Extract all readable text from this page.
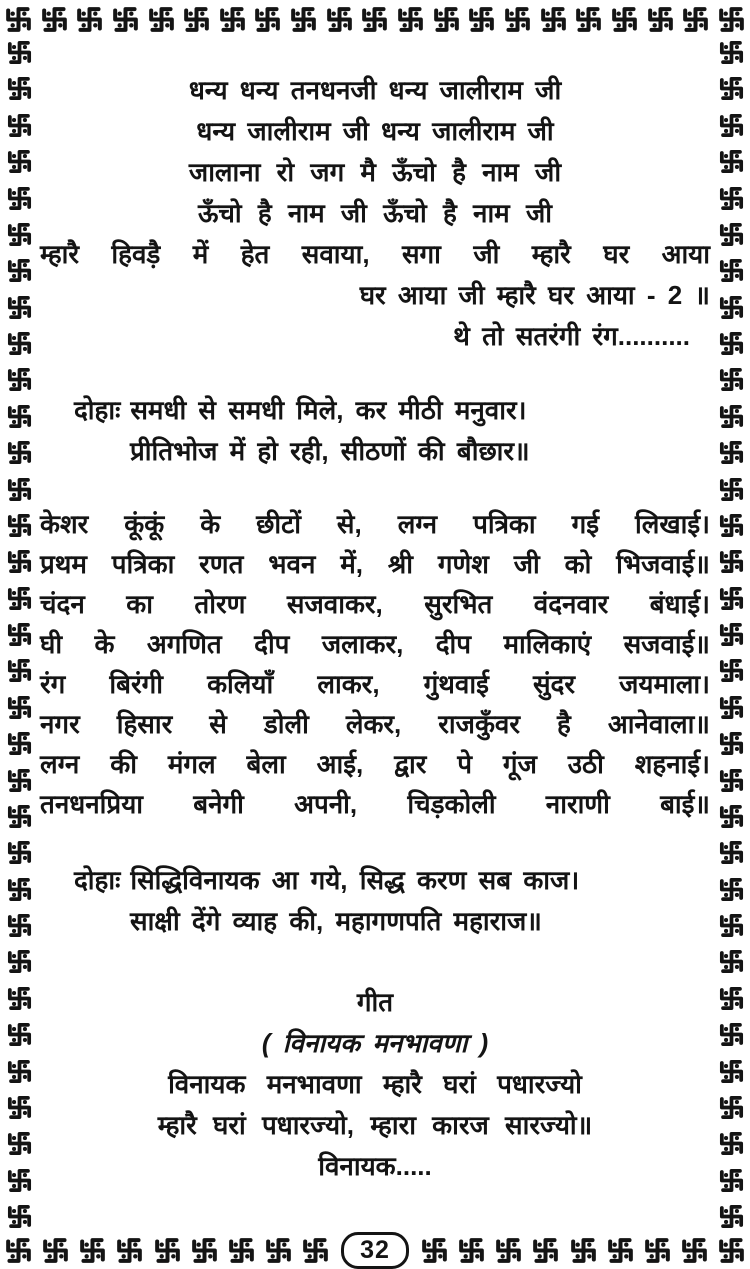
32
धन्य धन्य तनधनजी धन्य जालीराम जी
धन्य जालीराम जी धन्य जालीराम जी
जालाना रो जग मै ऊँचो है नाम जी
ऊँचो है नाम जी ऊँचो है नाम जी
म्हारै हिवड़ै में हेत सवाया, सगा जी म्हारै घर आया
घर आया जी म्हारै घर आया - 2 ॥
थे तो सतरंगी रंग..........
दोहाः समधी से समधी मिले, कर मीठी मनुवार।
प्रीतिभोज में हो रही, सीठणों की बौछार॥
केशर कूंकूं के छीटों से, लग्न पत्रिका गई लिखाई।
प्रथम पत्रिका रणत भवन में, श्री गणेश जी को भिजवाई॥
चंदन का तोरण सजवाकर, सुरभित वंदनवार बंधाई।
घी के अगणित दीप जलाकर, दीप मालिकाएं सजवाई॥
रंग बिरंगी कलियाँ लाकर, गुंथवाई सुंदर जयमाला।
नगर हिसार से डोली लेकर, राजकुँवर है आनेवाला॥
लग्न की मंगल बेला आई, द्वार पे गूंज उठी शहनाई।
तनधनप्रिया बनेगी अपनी, चिड़कोली नाराणी बाई॥
दोहाः सिद्धिविनायक आ गये, सिद्ध करण सब काज।
साक्षी देंगे व्याह की, महागणपति महाराज॥
गीत
( विनायक मनभावणा )
विनायक मनभावणा म्हारै घरां पधारज्यो
म्हारै घरां पधारज्यो, म्हारा कारज सारज्यो॥
विनायक.....
